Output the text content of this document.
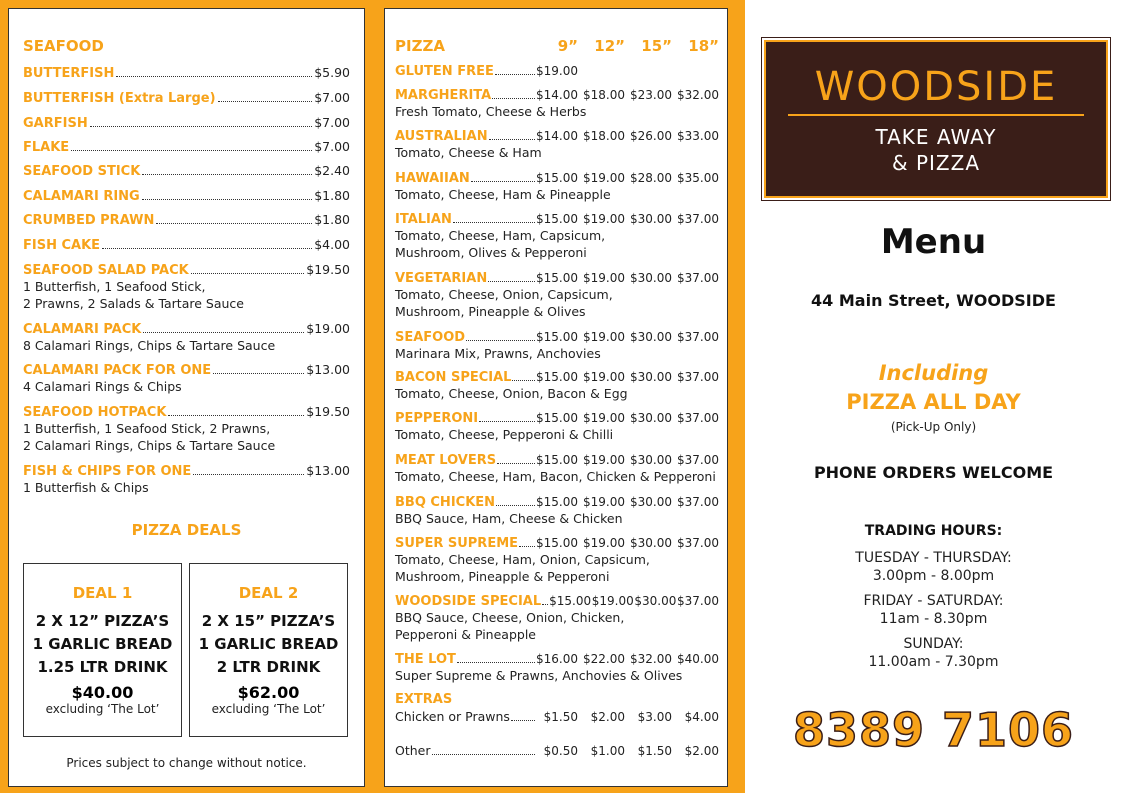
SEAFOOD
BUTTERFISH	$5.90
BUTTERFISH (Extra Large)	$7.00
GARFISH	$7.00
FLAKE	$7.00
SEAFOOD STICK	$2.40
CALAMARI RING	$1.80
CRUMBED PRAWN	$1.80
FISH CAKE	$4.00
SEAFOOD SALAD PACK	$19.50
1 Butterfish, 1 Seafood Stick,
2 Prawns, 2 Salads & Tartare Sauce
CALAMARI PACK	$19.00
8 Calamari Rings, Chips & Tartare Sauce
CALAMARI PACK FOR ONE	$13.00
4 Calamari Rings & Chips
SEAFOOD HOTPACK	$19.50
1 Butterfish, 1 Seafood Stick, 2 Prawns,
2 Calamari Rings, Chips & Tartare Sauce
FISH & CHIPS FOR ONE	$13.00
1 Butterfish & Chips
PIZZA DEALS
Prices subject to change without notice.
DEAL 1
2 X 12” PIZZA’S
1 GARLIC BREAD
1.25 LTR DRINK
$40.00
excluding ‘The Lot’
DEAL 2
2 X 15” PIZZA’S
1 GARLIC BREAD
2 LTR DRINK
$62.00
excluding ‘The Lot’
PIZZA	9”	12”	15”	18”
GLUTEN FREE	$19.00
MARGHERITA	$14.00 $18.00 $23.00 $32.00
Fresh Tomato, Cheese & Herbs
AUSTRALIAN	$14.00 $18.00 $26.00 $33.00
Tomato, Cheese & Ham
HAWAIIAN	$15.00 $19.00 $28.00 $35.00
Tomato, Cheese, Ham & Pineapple
ITALIAN	$15.00 $19.00 $30.00 $37.00
Tomato, Cheese, Ham, Capsicum,
Mushroom, Olives & Pepperoni
VEGETARIAN	$15.00 $19.00 $30.00 $37.00
Tomato, Cheese, Onion, Capsicum,
Mushroom, Pineapple & Olives
SEAFOOD	$15.00 $19.00 $30.00 $37.00
Marinara Mix, Prawns, Anchovies
BACON SPECIAL $15.00 $19.00 $30.00 $37.00
Tomato, Cheese, Onion, Bacon & Egg
PEPPERONI	$15.00 $19.00 $30.00 $37.00
Tomato, Cheese, Pepperoni & Chilli
MEAT LOVERS	$15.00 $19.00 $30.00 $37.00
Tomato, Cheese, Ham, Bacon, Chicken & Pepperoni
BBQ CHICKEN	$15.00 $19.00 $30.00 $37.00
BBQ Sauce, Ham, Cheese & Chicken
SUPER SUPREME $15.00 $19.00 $30.00 $37.00
Tomato, Cheese, Ham, Onion, Capsicum,
Mushroom, Pineapple & Pepperoni
WOODSIDE SPECIAL $15.00 $19.00 $30.00 $37.00
BBQ Sauce, Cheese, Onion, Chicken,
Pepperoni & Pineapple
THE LOT	$16.00 $22.00 $32.00 $40.00
Super Supreme & Prawns, Anchovies & Olives
EXTRAS
Chicken or Prawns	$1.50	$2.00	$3.00	$4.00
Other	$0.50	$1.00	$1.50	$2.00
WOODSIDE
TAKE AWAY
& PIZZA
Menu
44 Main Street, WOODSIDE
Including
PIZZA ALL DAY
(Pick-Up Only)
PHONE ORDERS WELCOME
TRADING HOURS:
TUESDAY - THURSDAY:
3.00pm - 8.00pm
FRIDAY - SATURDAY:
11am - 8.30pm
SUNDAY:
11.00am - 7.30pm
8389 7106
